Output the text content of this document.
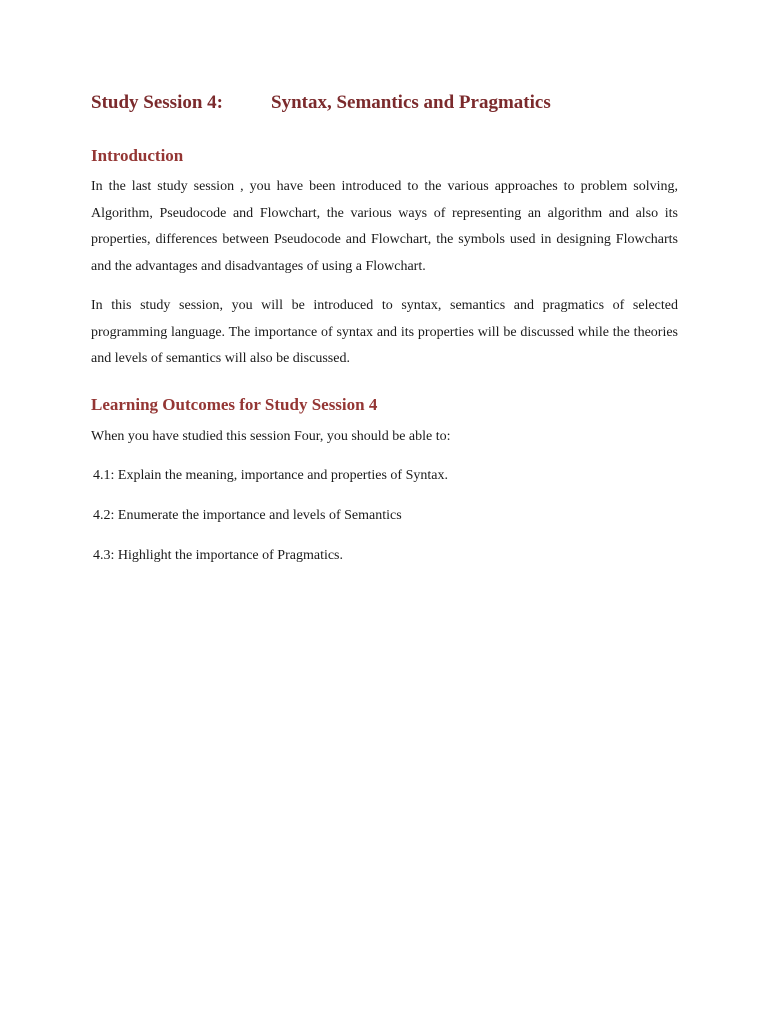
Study Session 4:	Syntax, Semantics and Pragmatics
Introduction

In the last study session , you have been introduced to the various approaches to problem solving, Algorithm, Pseudocode and Flowchart, the various ways of representing an algorithm and also its properties, differences between Pseudocode and Flowchart, the symbols used in designing Flowcharts and the advantages and disadvantages of using a Flowchart.

In this study session, you will be introduced to syntax, semantics and pragmatics of selected programming language. The importance of syntax and its properties will be discussed while the theories and levels of semantics will also be discussed.

Learning Outcomes for Study Session 4

When you have studied this session Four, you should be able to:

4.1: Explain the meaning, importance and properties of Syntax.

4.2: Enumerate the importance and levels of Semantics

4.3: Highlight the importance of Pragmatics.
